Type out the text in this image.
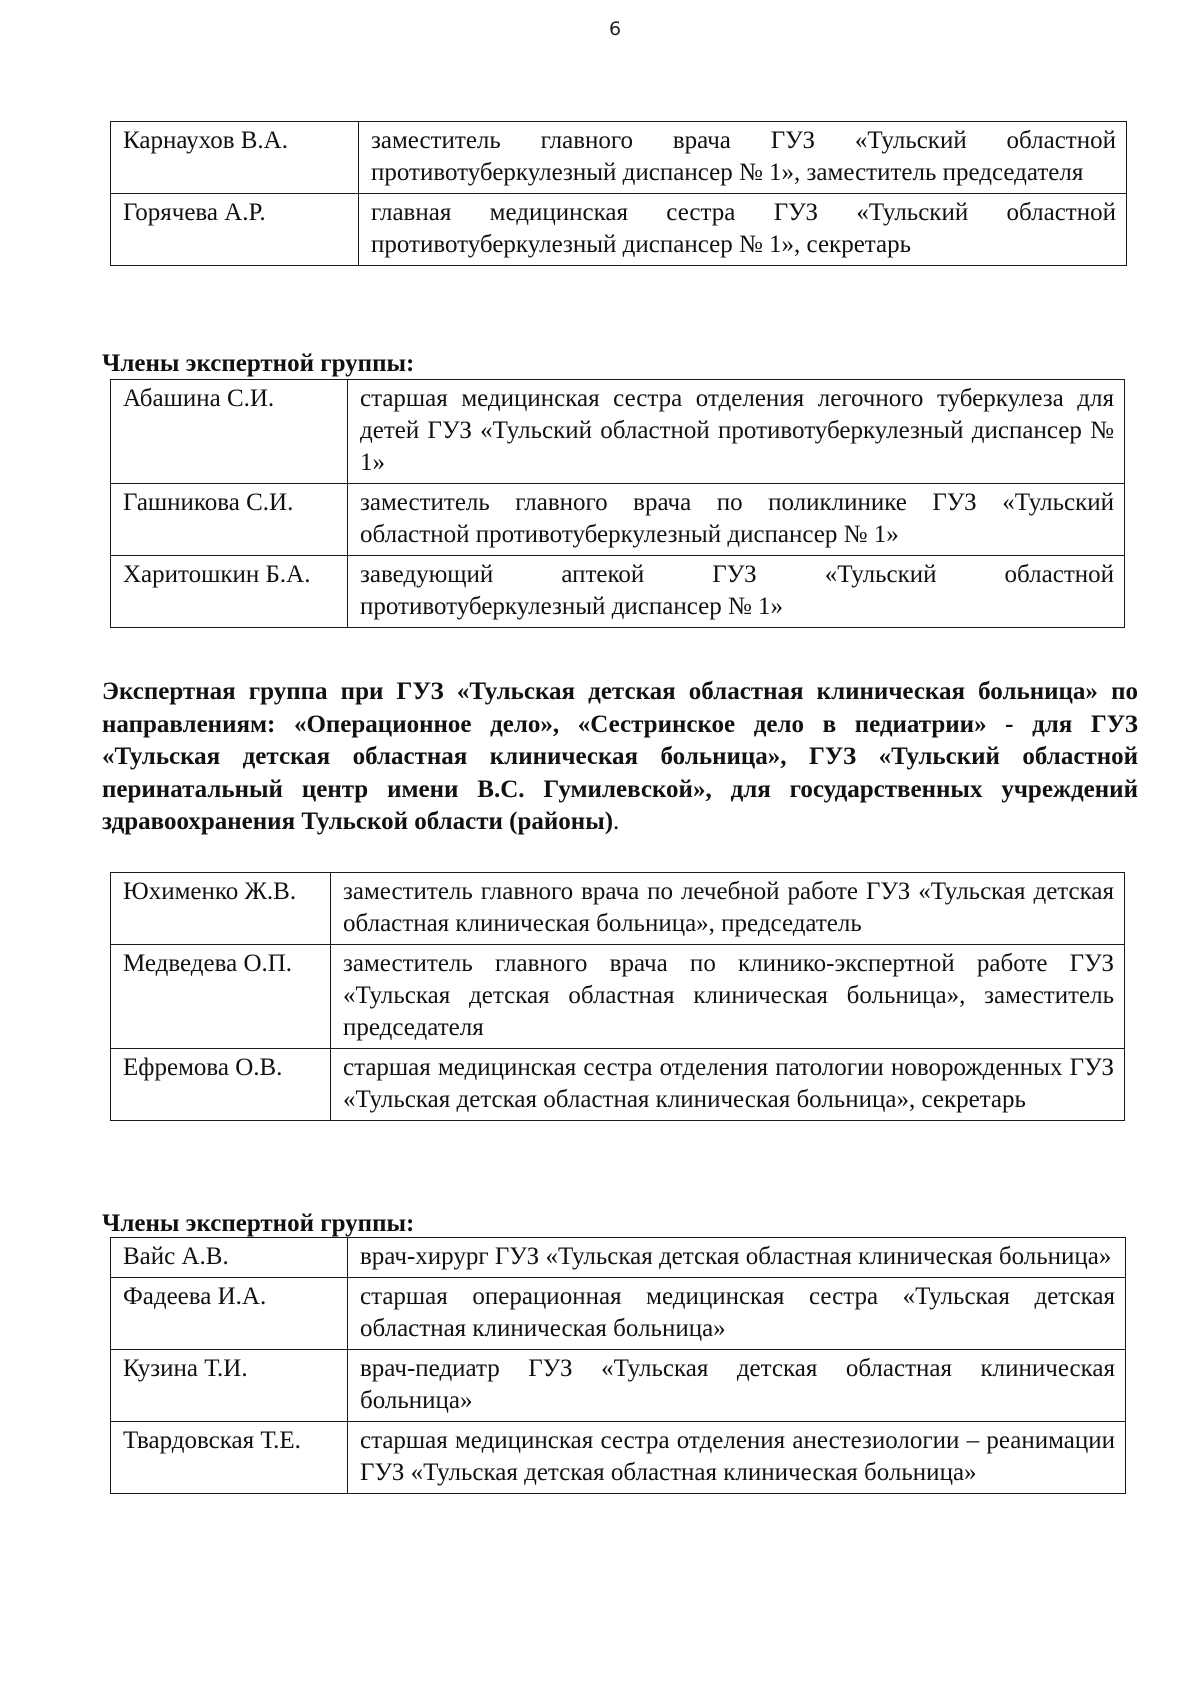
6
Карнаухов В.А.	заместитель главного врача ГУЗ «Тульский областной противотуберкулезный диспансер № 1», заместитель председателя
Горячева А.Р.	главная медицинская сестра ГУЗ «Тульский областной противотуберкулезный диспансер № 1», секретарь

Члены экспертной группы:

Абашина С.И.	старшая медицинская сестра отделения легочного туберкулеза для детей ГУЗ «Тульский областной противотуберкулезный диспансер № 1»
Гашникова С.И.	заместитель главного врача по поликлинике ГУЗ «Тульский областной противотуберкулезный диспансер № 1»
Харитошкин Б.А.	заведующий аптекой ГУЗ «Тульский областной противотуберкулезный диспансер № 1»

Экспертная группа при ГУЗ «Тульская детская областная клиническая больница» по направлениям: «Операционное дело», «Сестринское дело в педиатрии» - для ГУЗ «Тульская детская областная клиническая больница», ГУЗ «Тульский областной перинатальный центр имени В.С. Гумилевской», для государственных учреждений здравоохранения Тульской области (районы).

Юхименко Ж.В.	заместитель главного врача по лечебной работе ГУЗ «Тульская детская областная клиническая больница», председатель
Медведева О.П.	заместитель главного врача по клинико-экспертной работе ГУЗ «Тульская детская областная клиническая больница», заместитель председателя
Ефремова О.В.	старшая медицинская сестра отделения патологии новорожденных ГУЗ «Тульская детская областная клиническая больница», секретарь

Члены экспертной группы:

Вайс А.В.	врач-хирург ГУЗ «Тульская детская областная клиническая больница»
Фадеева И.А.	старшая операционная медицинская сестра «Тульская детская областная клиническая больница»
Кузина Т.И.	врач-педиатр ГУЗ «Тульская детская областная клиническая больница»
Твардовская Т.Е.	старшая медицинская сестра отделения анестезиологии – реанимации ГУЗ «Тульская детская областная клиническая больница»
